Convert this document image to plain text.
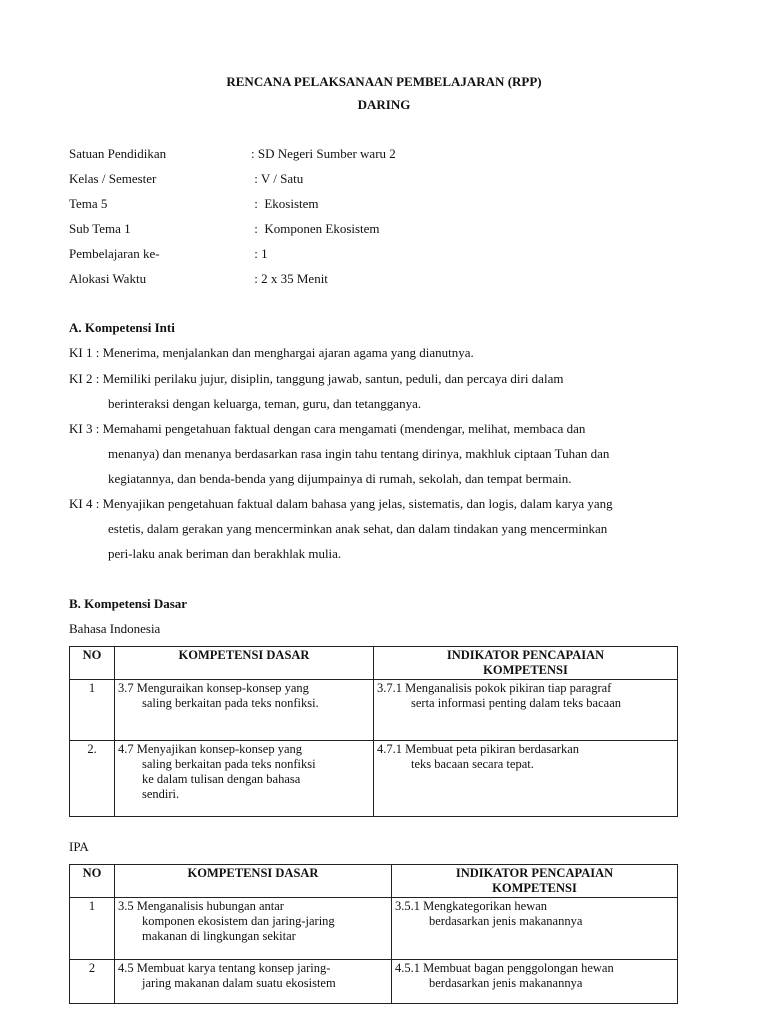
RENCANA PELAKSANAAN PEMBELAJARAN (RPP)
DARING
Satuan Pendidikan	: SD Negeri Sumber waru 2
Kelas / Semester	: V / Satu
Tema 5	:  Ekosistem
Sub Tema 1	:  Komponen Ekosistem
Pembelajaran ke-	: 1
Alokasi Waktu	: 2 x 35 Menit
A. Kompetensi Inti
KI 1 : Menerima, menjalankan dan menghargai ajaran agama yang dianutnya.
KI 2 : Memiliki perilaku jujur, disiplin, tanggung jawab, santun, peduli, dan percaya diri dalam
berinteraksi dengan keluarga, teman, guru, dan tetangganya.
KI 3 : Memahami pengetahuan faktual dengan cara mengamati (mendengar, melihat, membaca dan
menanya) dan menanya berdasarkan rasa ingin tahu tentang dirinya, makhluk ciptaan Tuhan dan
kegiatannya, dan benda-benda yang dijumpainya di rumah, sekolah, dan tempat bermain.
KI 4 : Menyajikan pengetahuan faktual dalam bahasa yang jelas, sistematis, dan logis, dalam karya yang
estetis, dalam gerakan yang mencerminkan anak sehat, dan dalam tindakan yang mencerminkan
peri-laku anak beriman dan berakhlak mulia.
B. Kompetensi Dasar
Bahasa Indonesia
NO	KOMPETENSI DASAR	INDIKATOR PENCAPAIAN
KOMPETENSI

1	3.7 Menguraikan konsep-konsep yang
saling berkaitan pada teks nonfiksi.	3.7.1 Menganalisis pokok pikiran tiap paragraf
serta informasi penting dalam teks bacaan

2.	4.7 Menyajikan konsep-konsep yang
saling berkaitan pada teks nonfiksi
ke dalam tulisan dengan bahasa
sendiri.	4.7.1 Membuat peta pikiran berdasarkan
teks bacaan secara tepat.
IPA
NO	KOMPETENSI DASAR	INDIKATOR PENCAPAIAN
KOMPETENSI

1	3.5 Menganalisis hubungan antar
komponen ekosistem dan jaring-jaring
makanan di lingkungan sekitar	3.5.1 Mengkategorikan hewan
berdasarkan jenis makanannya

2	4.5 Membuat karya tentang konsep jaring-
jaring makanan dalam suatu ekosistem	4.5.1 Membuat bagan penggolongan hewan
berdasarkan jenis makanannya
